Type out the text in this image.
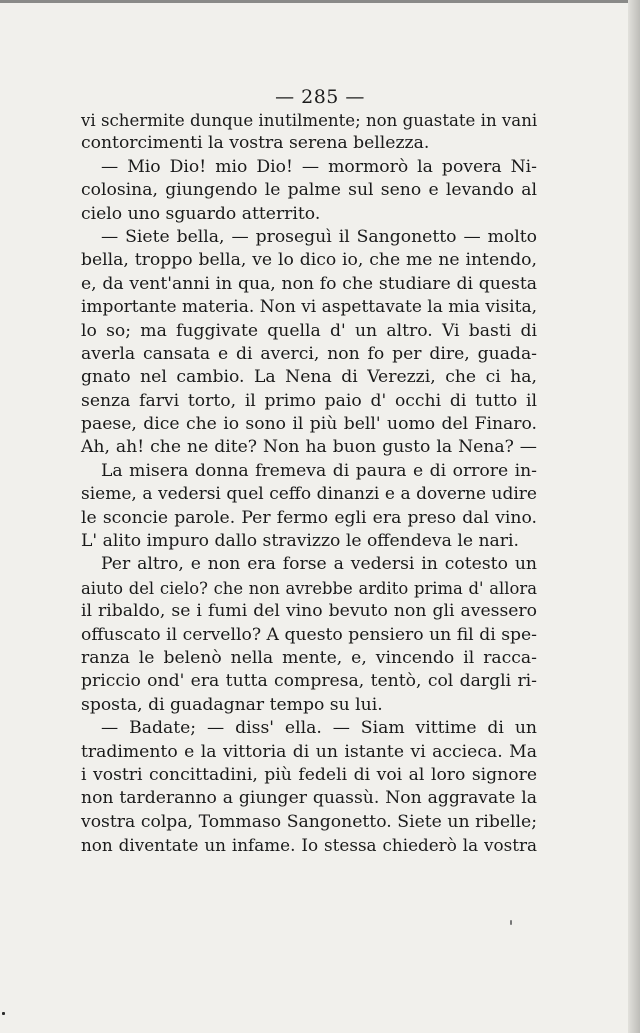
— 285 —
vi schermite dunque inutilmente; non guastate in vani
contorcimenti la vostra serena bellezza.
— Mio Dio! mio Dio! — mormorò la povera Ni-
colosina, giungendo le palme sul seno e levando al
cielo uno sguardo atterrito.
— Siete bella, — proseguì il Sangonetto — molto
bella, troppo bella, ve lo dico io, che me ne intendo,
e, da vent'anni in qua, non fo che studiare di questa
importante materia. Non vi aspettavate la mia visita,
lo so; ma fuggivate quella d' un altro. Vi basti di
averla cansata e di averci, non fo per dire, guada-
gnato nel cambio. La Nena di Verezzi, che ci ha,
senza farvi torto, il primo paio d' occhi di tutto il
paese, dice che io sono il più bell' uomo del Finaro.
Ah, ah! che ne dite? Non ha buon gusto la Nena? —
La misera donna fremeva di paura e di orrore in-
sieme, a vedersi quel ceffo dinanzi e a doverne udire
le sconcie parole. Per fermo egli era preso dal vino.
L' alito impuro dallo stravizzo le offendeva le nari.
Per altro, e non era forse a vedersi in cotesto un
aiuto del cielo? che non avrebbe ardito prima d' allora
il ribaldo, se i fumi del vino bevuto non gli avessero
offuscato il cervello? A questo pensiero un fil di spe-
ranza le belenò nella mente, e, vincendo il racca-
priccio ond' era tutta compresa, tentò, col dargli ri-
sposta, di guadagnar tempo su lui.
— Badate; — diss' ella. — Siam vittime di un
tradimento e la vittoria di un istante vi accieca. Ma
i vostri concittadini, più fedeli di voi al loro signore
non tarderanno a giunger quassù. Non aggravate la
vostra colpa, Tommaso Sangonetto. Siete un ribelle;
non diventate un infame. Io stessa chiederò la vostra
